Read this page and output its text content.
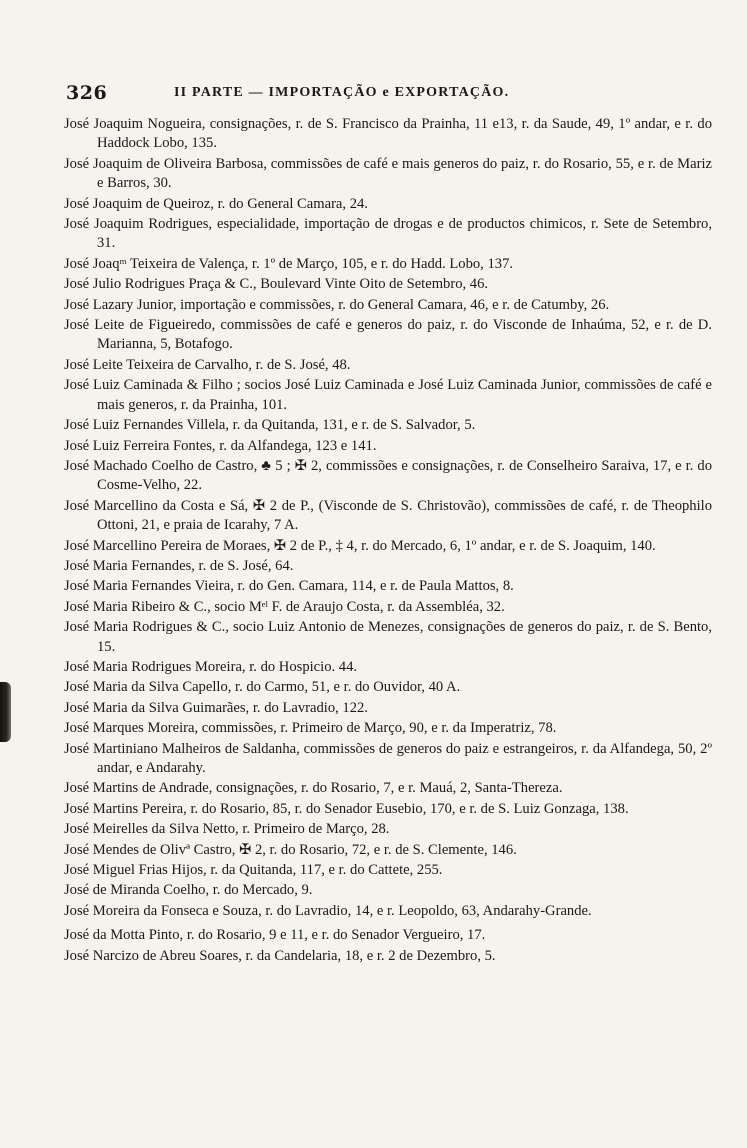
326	II PARTE — IMPORTAÇÃO e EXPORTAÇÃO.

José Joaquim Nogueira, consignações, r. de S. Francisco da Prainha, 11 e13, r. da Saude, 49, 1º andar, e r. do Haddock Lobo, 135.

José Joaquim de Oliveira Barbosa, commissões de café e mais generos do paiz, r. do Rosario, 55, e r. de Mariz e Barros, 30.

José Joaquim de Queiroz, r. do General Camara, 24.

José Joaquim Rodrigues, especialidade, importação de drogas e de productos chimicos, r. Sete de Setembro, 31.

José Joaqᵐ Teixeira de Valença, r. 1º de Março, 105, e r. do Hadd. Lobo, 137.

José Julio Rodrigues Praça & C., Boulevard Vinte Oito de Setembro, 46.

José Lazary Junior, importação e commissões, r. do General Camara, 46, e r. de Catumby, 26.

José Leite de Figueiredo, commissões de café e generos do paiz, r. do Visconde de Inhaúma, 52, e r. de D. Marianna, 5, Botafogo.

José Leite Teixeira de Carvalho, r. de S. José, 48.

José Luiz Caminada & Filho ; socios José Luiz Caminada e José Luiz Caminada Junior, commissões de café e mais generos, r. da Prainha, 101.

José Luiz Fernandes Villela, r. da Quitanda, 131, e r. de S. Salvador, 5.

José Luiz Ferreira Fontes, r. da Alfandega, 123 e 141.

José Machado Coelho de Castro, ♣ 5 ; ✠ 2, commissões e consignações, r. de Conselheiro Saraiva, 17, e r. do Cosme-Velho, 22.

José Marcellino da Costa e Sá, ✠ 2 de P., (Visconde de S. Christovão), commissões de café, r. de Theophilo Ottoni, 21, e praia de Icarahy, 7 A.

José Marcellino Pereira de Moraes, ✠ 2 de P., ‡ 4, r. do Mercado, 6, 1º andar, e r. de S. Joaquim, 140.

José Maria Fernandes, r. de S. José, 64.

José Maria Fernandes Vieira, r. do Gen. Camara, 114, e r. de Paula Mattos, 8.

José Maria Ribeiro & C., socio Mᵉˡ F. de Araujo Costa, r. da Assembléa, 32.

José Maria Rodrigues & C., socio Luiz Antonio de Menezes, consignações de generos do paiz, r. de S. Bento, 15.

José Maria Rodrigues Moreira, r. do Hospicio. 44.

José Maria da Silva Capello, r. do Carmo, 51, e r. do Ouvidor, 40 A.

José Maria da Silva Guimarães, r. do Lavradio, 122.

José Marques Moreira, commissões, r. Primeiro de Março, 90, e r. da Imperatriz, 78.

José Martiniano Malheiros de Saldanha, commissões de generos do paiz e estrangeiros, r. da Alfandega, 50, 2º andar, e Andarahy.

José Martins de Andrade, consignações, r. do Rosario, 7, e r. Mauá, 2, Santa-Thereza.

José Martins Pereira, r. do Rosario, 85, r. do Senador Eusebio, 170, e r. de S. Luiz Gonzaga, 138.

José Meirelles da Silva Netto, r. Primeiro de Março, 28.

José Mendes de Olivª Castro, ✠ 2, r. do Rosario, 72, e r. de S. Clemente, 146.

José Miguel Frias Hijos, r. da Quitanda, 117, e r. do Cattete, 255.

José de Miranda Coelho, r. do Mercado, 9.

José Moreira da Fonseca e Souza, r. do Lavradio, 14, e r. Leopoldo, 63, Andarahy-Grande.

José da Motta Pinto, r. do Rosario, 9 e 11, e r. do Senador Vergueiro, 17.

José Narcizo de Abreu Soares, r. da Candelaria, 18, e r. 2 de Dezembro, 5.
